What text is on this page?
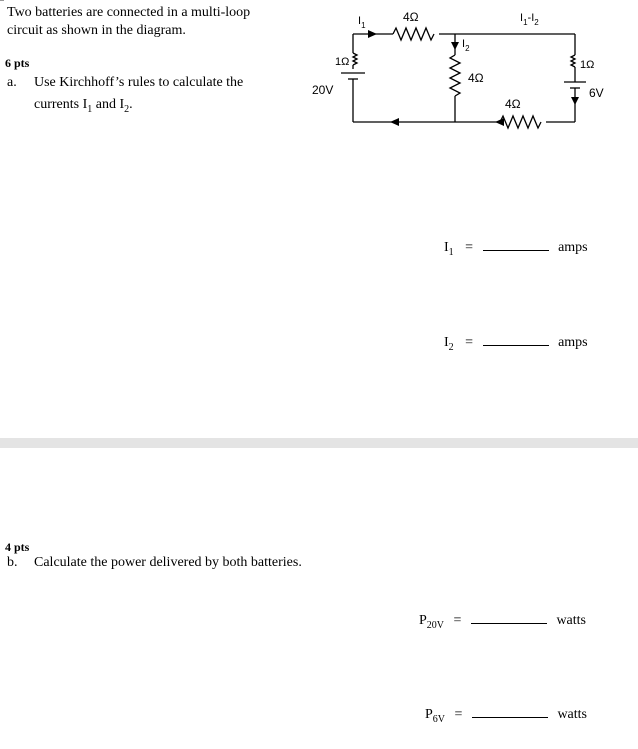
Two batteries are connected in a multi-loop
circuit as shown in the diagram.
6 pts
a. Use Kirchhoff’s rules to calculate the
currents $I_1$ and $I_2$.
4Ω
4Ω
4Ω
1Ω	1Ω
20V	6V
$I_1$
$I_2$
$I_1-I_2$
$I_1$ =	amps
$I_2$ =	amps
4 pts
b. Calculate the power delivered by both batteries.
$P_{20V}$ =	watts
$P_{6V}$ =	watts
